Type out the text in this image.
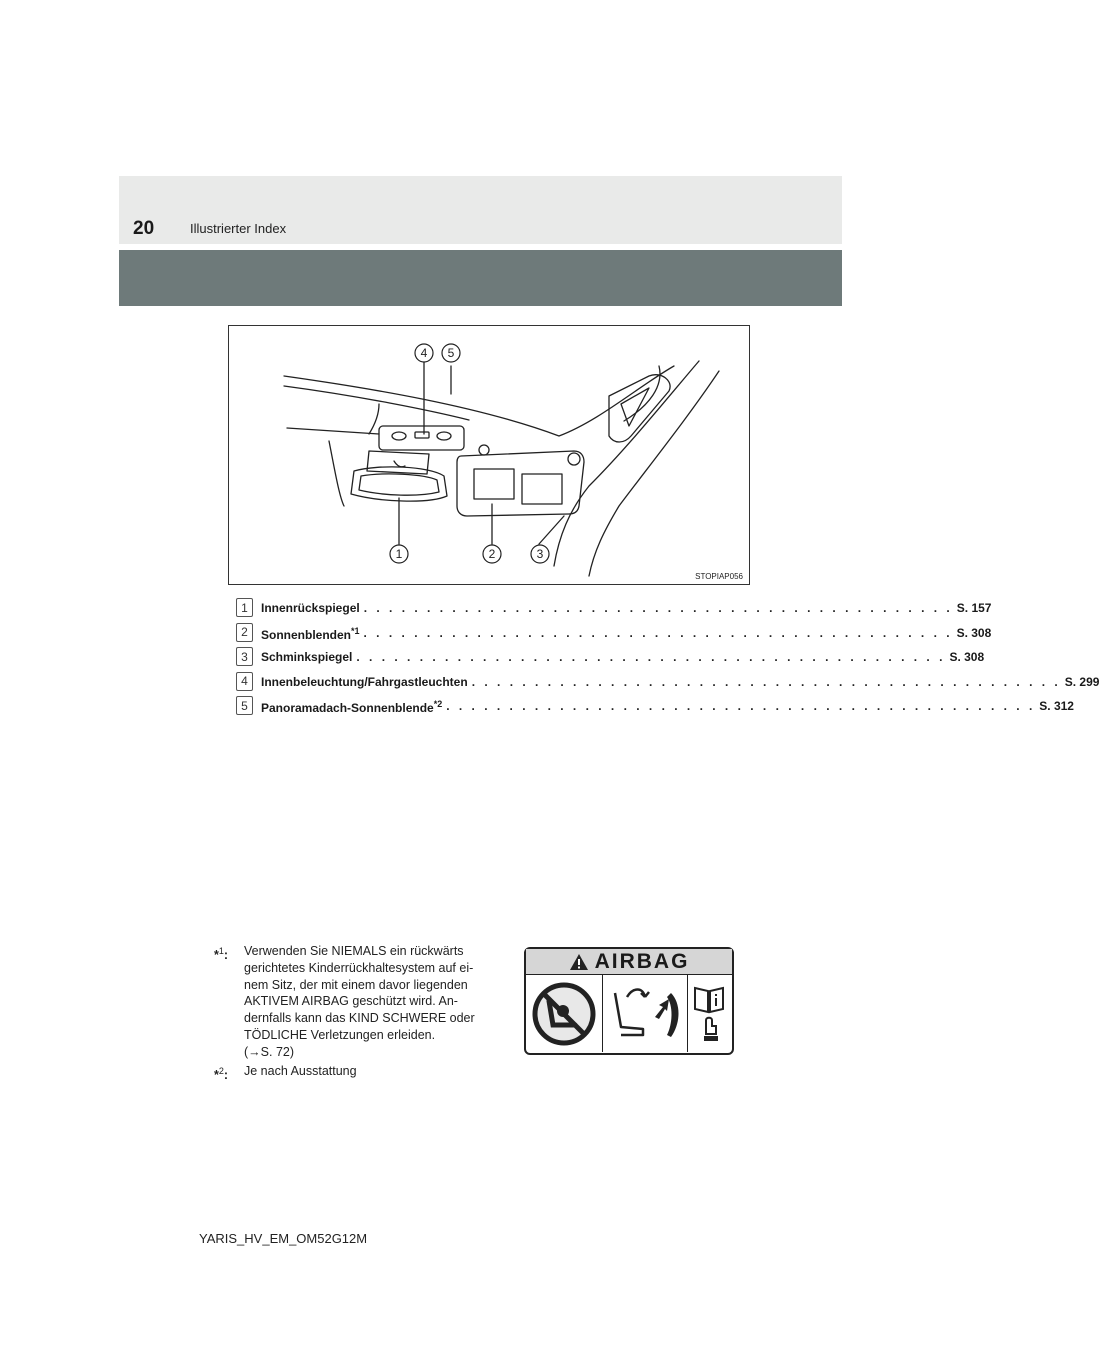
20	Illustrierter Index
4 5
1	2	3
STOPIAP056
1	Innenrückspiegel . . . . . . . . . . . . . . . . . . . . . . . . . . . . . . . . . . . . . . . . . . . . . . . S. 157
2	Sonnenblenden$^{*1}$ . . . . . . . . . . . . . . . . . . . . . . . . . . . . . . . . . . . . . . . . . . . . . . . S. 308
3	Schminkspiegel . . . . . . . . . . . . . . . . . . . . . . . . . . . . . . . . . . . . . . . . . . . . . . . S. 308
4	Innenbeleuchtung/Fahrgastleuchten . . . . . . . . . . . . . . . . . . . . . . . . . . . . . . . . . . . . . . . . . . . . . . . S. 299
5	Panoramadach-Sonnenblende$^{*2}$ . . . . . . . . . . . . . . . . . . . . . . . . . . . . . . . . . . . . . . . . . . . . . . . S. 312
*$^1$:	Verwenden Sie NIEMALS ein rückwärts
gerichtetes Kinderrückhaltesystem auf ei-
nem Sitz, der mit einem davor liegenden
AKTIVEM AIRBAG geschützt wird. An-
dernfalls kann das KIND SCHWERE oder
TÖDLICHE Verletzungen erleiden.
(→S. 72)
*$^2$:	Je nach Ausstattung
AIRBAG
YARIS_HV_EM_OM52G12M
